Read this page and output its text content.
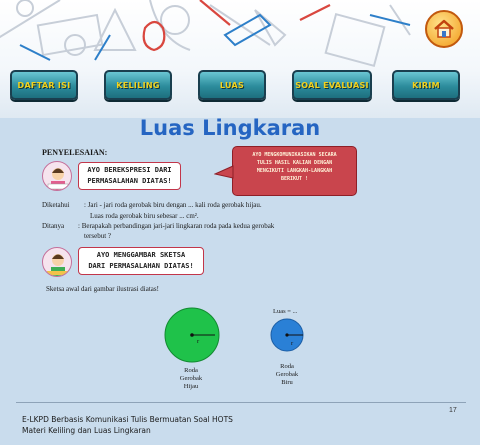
DAFTAR ISI	KELILING	LUAS	SOAL EVALUASI	KIRIM
Luas Lingkaran
PENYELESAIAN:
AYO BEREKSPRESI DARI
PERMASALAHAN DIATAS!
AYO MENGKOMUNIKASIKAN SECARA
TULIS HASIL KALIAN DENGAN
MENGIKUTI LANGKAH-LANGKAH
BERIKUT !
Diketahui : Jari - jari roda gerobak biru dengan ... kali roda gerobak hijau.
Luas roda gerobak biru sebesar ... cm².
Ditanya : Berapakah perbandingan jari-jari lingkaran roda pada kedua gerobak
tersebut ?
AYO MENGGAMBAR SKETSA
DARI PERMASALAHAN DIATAS!
Sketsa awal dari gambar ilustrasi diatas!
r
Roda
Gerobak
Hijau
Luas = ...
r
Roda
Gerobak
Biru
17
E-LKPD Berbasis Komunikasi Tulis Bermuatan Soal HOTS
Materi Keliling dan Luas Lingkaran
